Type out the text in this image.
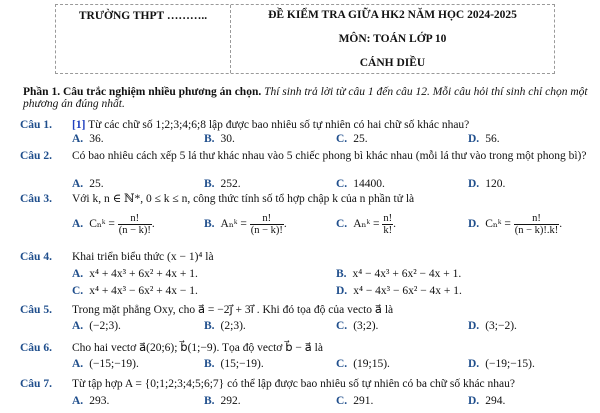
TRƯỜNG THPT ………..	ĐỀ KIỂM TRA GIỮA HK2 NĂM HỌC 2024-2025
MÔN: TOÁN LỚP 10
CÁNH DIỀU
Phần 1. Câu trắc nghiệm nhiều phương án chọn. Thí sinh trả lời từ câu 1 đến câu 12. Mỗi câu hỏi thí sinh chỉ chọn một phương án đúng nhất.
Câu 1. [1] Từ các chữ số 1;2;3;4;6;8 lập được bao nhiêu số tự nhiên có hai chữ số khác nhau?
A. 36.	B. 30.	C. 25.	D. 56.
Câu 2. Có bao nhiêu cách xếp 5 lá thư khác nhau vào 5 chiếc phong bì khác nhau (mỗi lá thư vào trong một phong bì)?
A. 25.	B. 252.	C. 14400.	D. 120.
Câu 3. Với k, n ∈ ℕ*, 0 ≤ k ≤ n, công thức tính số tổ hợp chập k của n phần tử là
A. Cₙᵏ = $\frac{n!}{(n - k)!}$ .	B. Aₙᵏ = $\frac{n!}{(n - k)!}$ .	C. Aₙᵏ = $\frac{n!}{k!}$ .	D. Cₙᵏ = $\frac{n!}{(n - k)!.k!}$ .
Câu 4. Khai triển biểu thức (x − 1)⁴ là
A. x⁴ + 4x³ + 6x² + 4x + 1.	B. x⁴ − 4x³ + 6x² − 4x + 1.
C. x⁴ + 4x³ − 6x² + 4x − 1.	D. x⁴ − 4x³ − 6x² − 4x + 1.
Câu 5. Trong mặt phẳng Oxy, cho a⃗ = −2j⃗ + 3i⃗ . Khi đó tọa độ của vecto a⃗ là
A. (−2;3).	B. (2;3).	C. (3;2).	D. (3;−2).
Câu 6. Cho hai vectơ a⃗(20;6); b⃗(1;−9). Tọa độ vectơ b⃗ − a⃗ là
A. (−15;−19).	B. (15;−19).	C. (19;15).	D. (−19;−15).
Câu 7. Từ tập hợp A = {0;1;2;3;4;5;6;7} có thể lập được bao nhiêu số tự nhiên có ba chữ số khác nhau?
A. 293.	B. 292.	C. 291.	D. 294.
